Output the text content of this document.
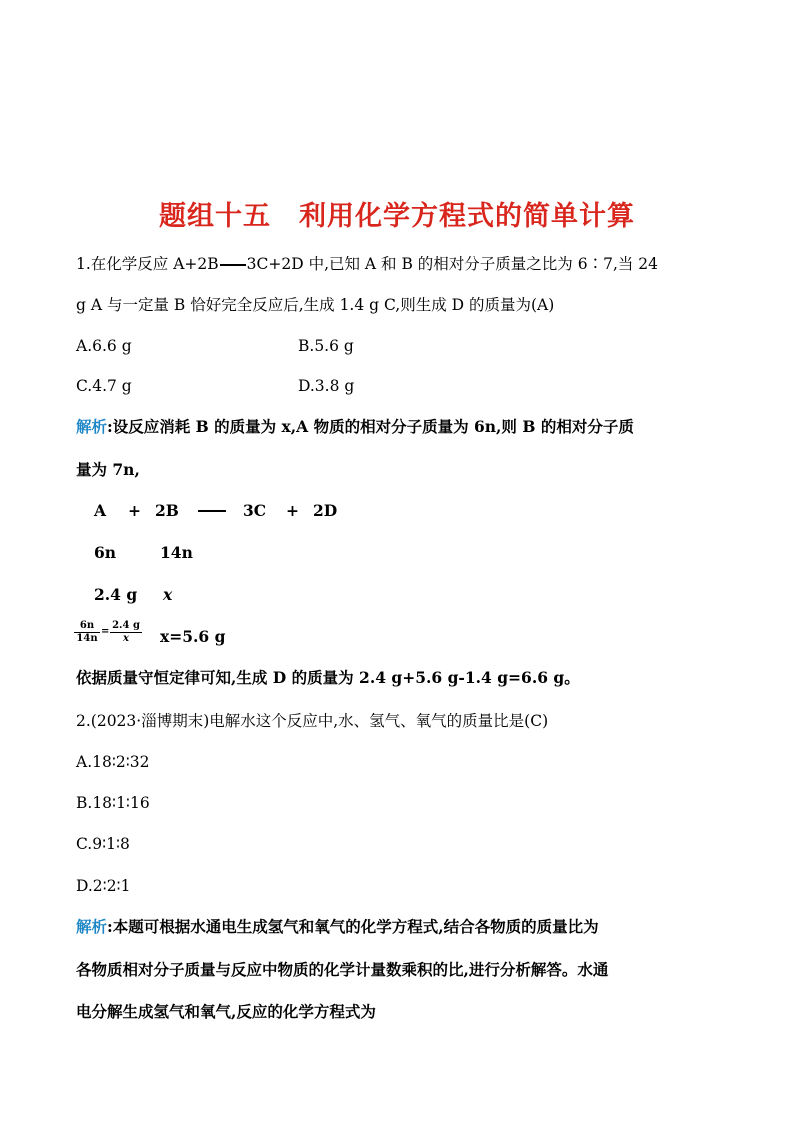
题组十五　利用化学方程式的简单计算
1.在化学反应 A+2B 3C+2D 中,已知 A 和 B 的相对分子质量之比为 6∶7,当 24
g A 与一定量 B 恰好完全反应后,生成 1.4 g C,则生成 D 的质量为(A)
A.6.6 g	B.5.6 g
C.4.7 g	D.3.8 g
解析:设反应消耗 B 的质量为 x,A 物质的相对分子质量为 6n,则 B 的相对分子质
量为 7n,
A + 2B	3C + 2D
6n	14n
2.4 g x
$\frac{6n}{14n} = \frac{2.4 g}{x} x=5.6$ g
依据质量守恒定律可知,生成 D 的质量为 2.4 g+5.6 g-1.4 g=6.6 g。
2.(2023·淄博期末)电解水这个反应中,水、氢气、氧气的质量比是(C)
A.18∶2∶32
B.18∶1∶16
C.9∶1∶8
D.2∶2∶1
解析:本题可根据水通电生成氢气和氧气的化学方程式,结合各物质的质量比为
各物质相对分子质量与反应中物质的化学计量数乘积的比,进行分析解答。水通
电分解生成氢气和氧气,反应的化学方程式为
